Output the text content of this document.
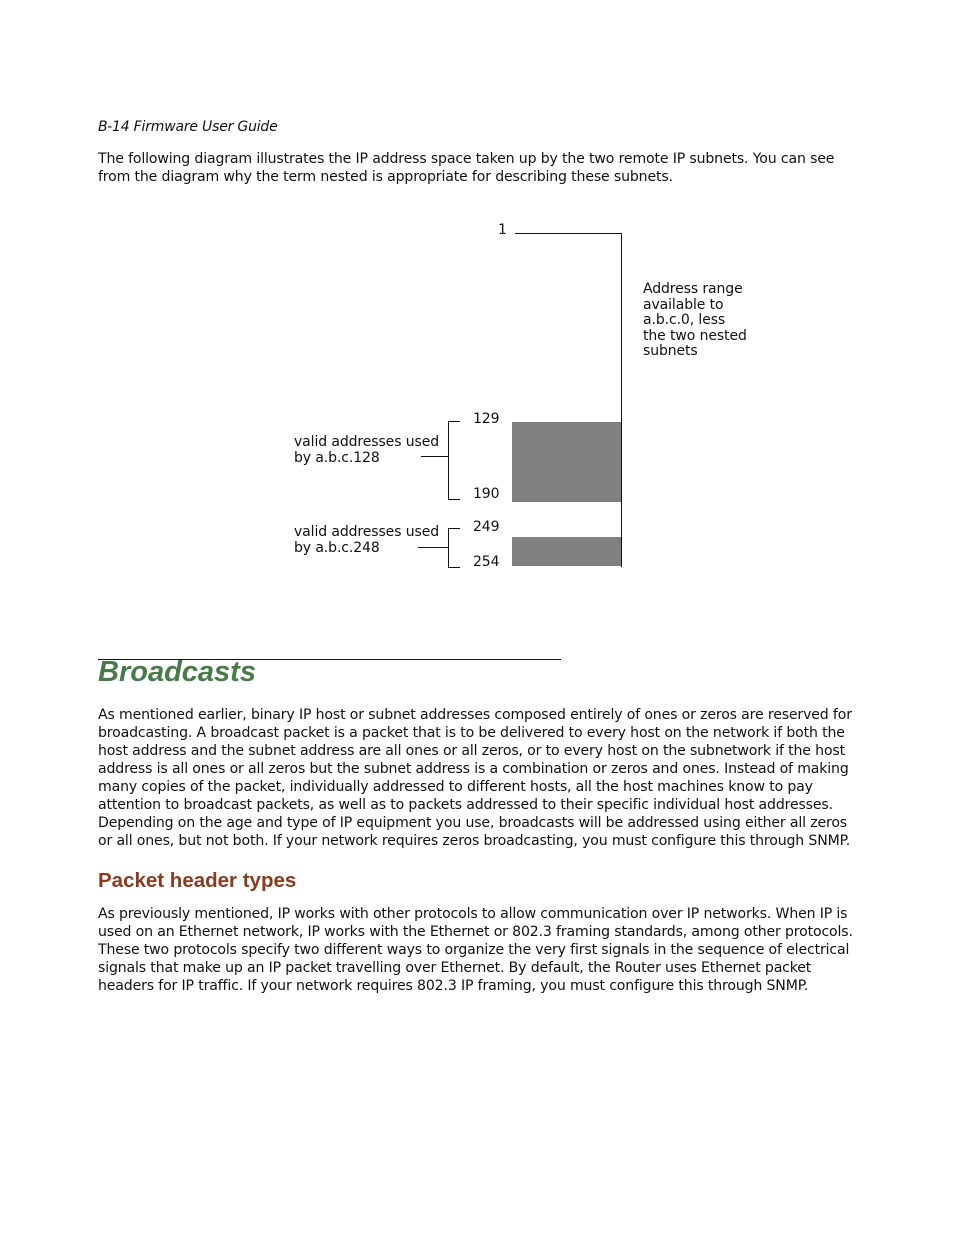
B-14 Firmware User Guide

The following diagram illustrates the IP address space taken up by the two remote IP subnets. You can see from the diagram why the term nested is appropriate for describing these subnets.

1
Address range
available to
a.b.c.0, less
the two nested
subnets
129
190
249
254
valid addresses used
by a.b.c.128
valid addresses used
by a.b.c.248
Broadcasts

As mentioned earlier, binary IP host or subnet addresses composed entirely of ones or zeros are reserved for broadcasting. A broadcast packet is a packet that is to be delivered to every host on the network if both the host address and the subnet address are all ones or all zeros, or to every host on the subnetwork if the host address is all ones or all zeros but the subnet address is a combination or zeros and ones. Instead of making many copies of the packet, individually addressed to different hosts, all the host machines know to pay attention to broadcast packets, as well as to packets addressed to their specific individual host addresses. Depending on the age and type of IP equipment you use, broadcasts will be addressed using either all zeros or all ones, but not both. If your network requires zeros broadcasting, you must configure this through SNMP.

Packet header types

As previously mentioned, IP works with other protocols to allow communication over IP networks. When IP is used on an Ethernet network, IP works with the Ethernet or 802.3 framing standards, among other protocols. These two protocols specify two different ways to organize the very first signals in the sequence of electrical signals that make up an IP packet travelling over Ethernet. By default, the Router uses Ethernet packet headers for IP traffic. If your network requires 802.3 IP framing, you must configure this through SNMP.
